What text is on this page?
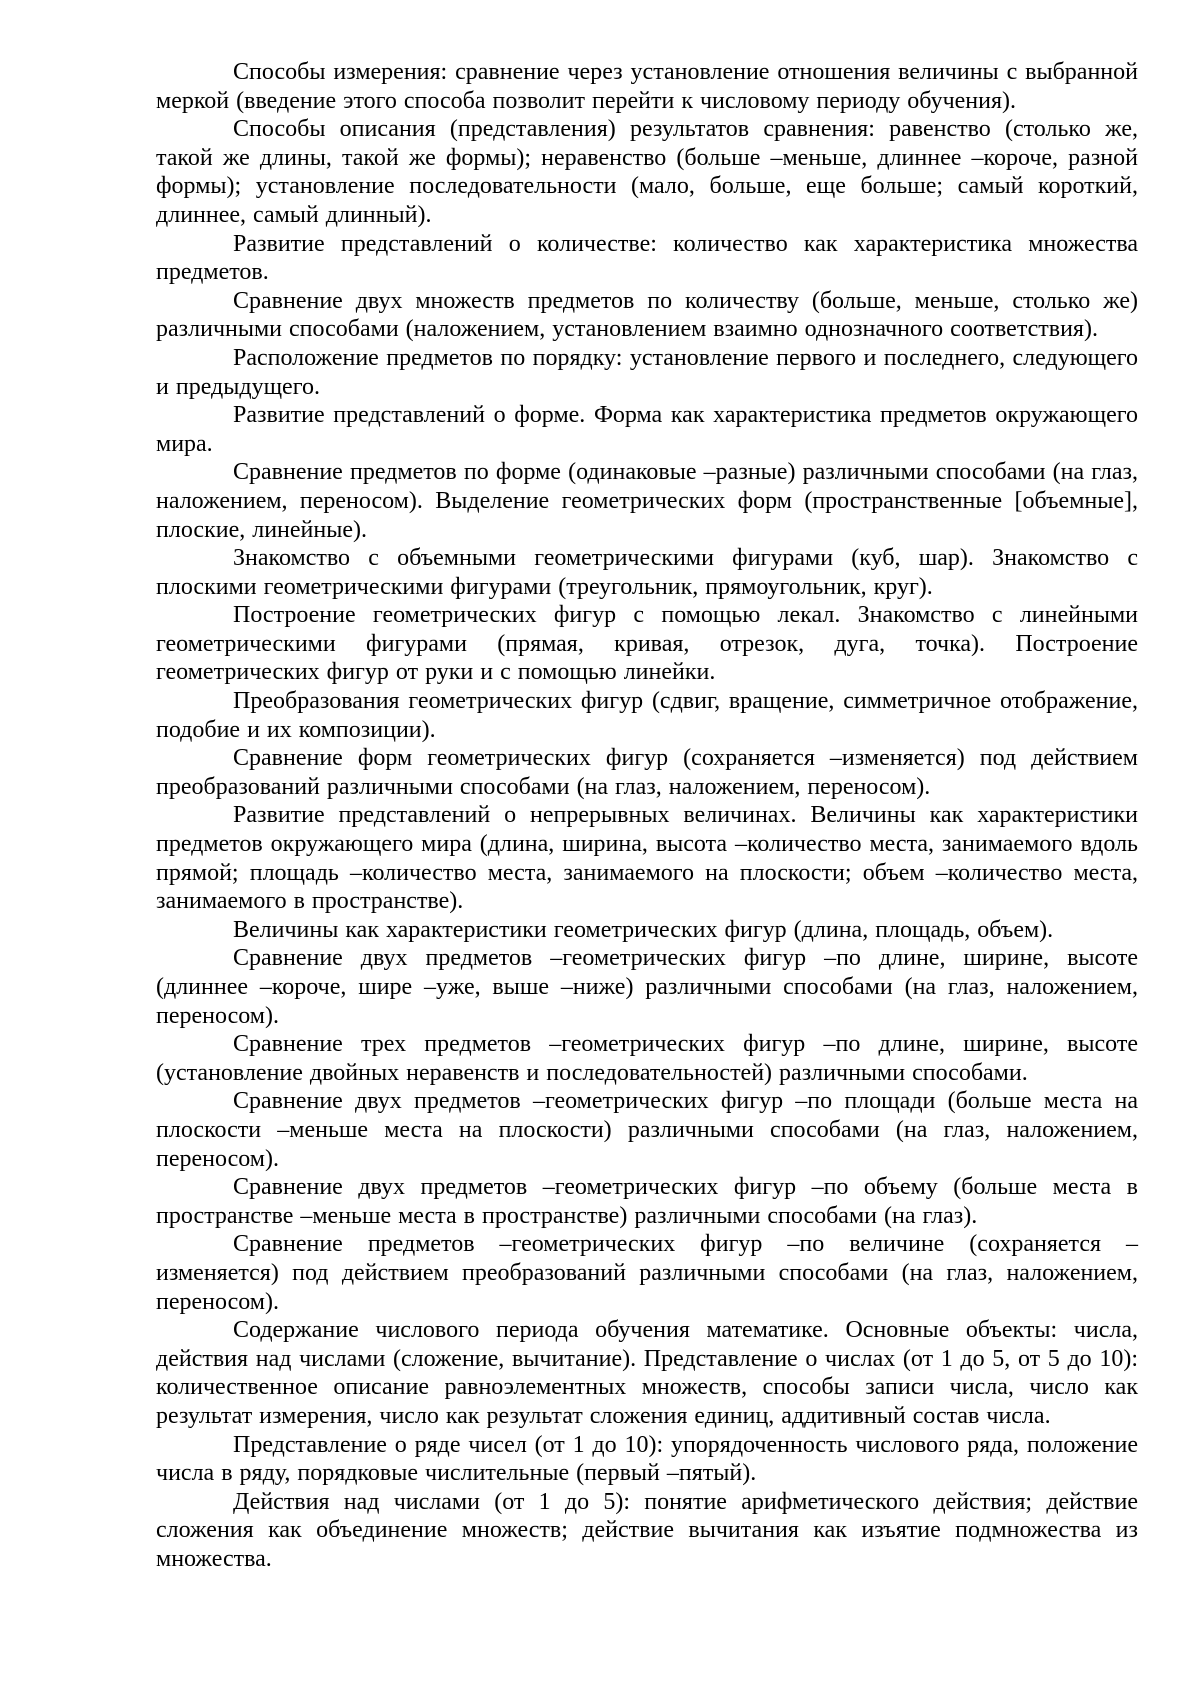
Способы измерения: сравнение через установление отношения величины с выбранной меркой (введение этого способа позволит перейти к числовому периоду обучения).

Способы описания (представления) результатов сравнения: равенство (столько же, такой же длины, такой же формы); неравенство (больше –меньше, длиннее –короче, разной формы); установление последовательности (мало, больше, еще больше; самый короткий, длиннее, самый длинный).

Развитие представлений о количестве: количество как характеристика множества предметов.

Сравнение двух множеств предметов по количеству (больше, меньше, столько же) различными способами (наложением, установлением взаимно однозначного соответствия).

Расположение предметов по порядку: установление первого и последнего, следующего и предыдущего.

Развитие представлений о форме. Форма как характеристика предметов окружающего мира.

Сравнение предметов по форме (одинаковые –разные) различными способами (на глаз, наложением, переносом). Выделение геометрических форм (пространственные [объемные], плоские, линейные).

Знакомство с объемными геометрическими фигурами (куб, шар). Знакомство с плоскими геометрическими фигурами (треугольник, прямоугольник, круг).

Построение геометрических фигур с помощью лекал. Знакомство с линейными геометрическими фигурами (прямая, кривая, отрезок, дуга, точка). Построение геометрических фигур от руки и с помощью линейки.

Преобразования геометрических фигур (сдвиг, вращение, симметричное отображение, подобие и их композиции).

Сравнение форм геометрических фигур (сохраняется –изменяется) под действием преобразований различными способами (на глаз, наложением, переносом).

Развитие представлений о непрерывных величинах. Величины как характеристики предметов окружающего мира (длина, ширина, высота –количество места, занимаемого вдоль прямой; площадь –количество места, занимаемого на плоскости; объем –количество места, занимаемого в пространстве).

Величины как характеристики геометрических фигур (длина, площадь, объем).

Сравнение двух предметов –геометрических фигур –по длине, ширине, высоте (длиннее –короче, шире –уже, выше –ниже) различными способами (на глаз, наложением, переносом).

Сравнение трех предметов –геометрических фигур –по длине, ширине, высоте (установление двойных неравенств и последовательностей) различными способами.

Сравнение двух предметов –геометрических фигур –по площади (больше места на плоскости –меньше места на плоскости) различными способами (на глаз, наложением, переносом).

Сравнение двух предметов –геометрических фигур –по объему (больше места в пространстве –меньше места в пространстве) различными способами (на глаз).

Сравнение предметов –геометрических фигур –по величине (сохраняется – изменяется) под действием преобразований различными способами (на глаз, наложением, переносом).

Содержание числового периода обучения математике. Основные объекты: числа, действия над числами (сложение, вычитание). Представление о числах (от 1 до 5, от 5 до 10): количественное описание равноэлементных множеств, способы записи числа, число как результат измерения, число как результат сложения единиц, аддитивный состав числа.

Представление о ряде чисел (от 1 до 10): упорядоченность числового ряда, положение числа в ряду, порядковые числительные (первый –пятый).

Действия над числами (от 1 до 5): понятие арифметического действия; действие сложения как объединение множеств; действие вычитания как изъятие подмножества из множества.
